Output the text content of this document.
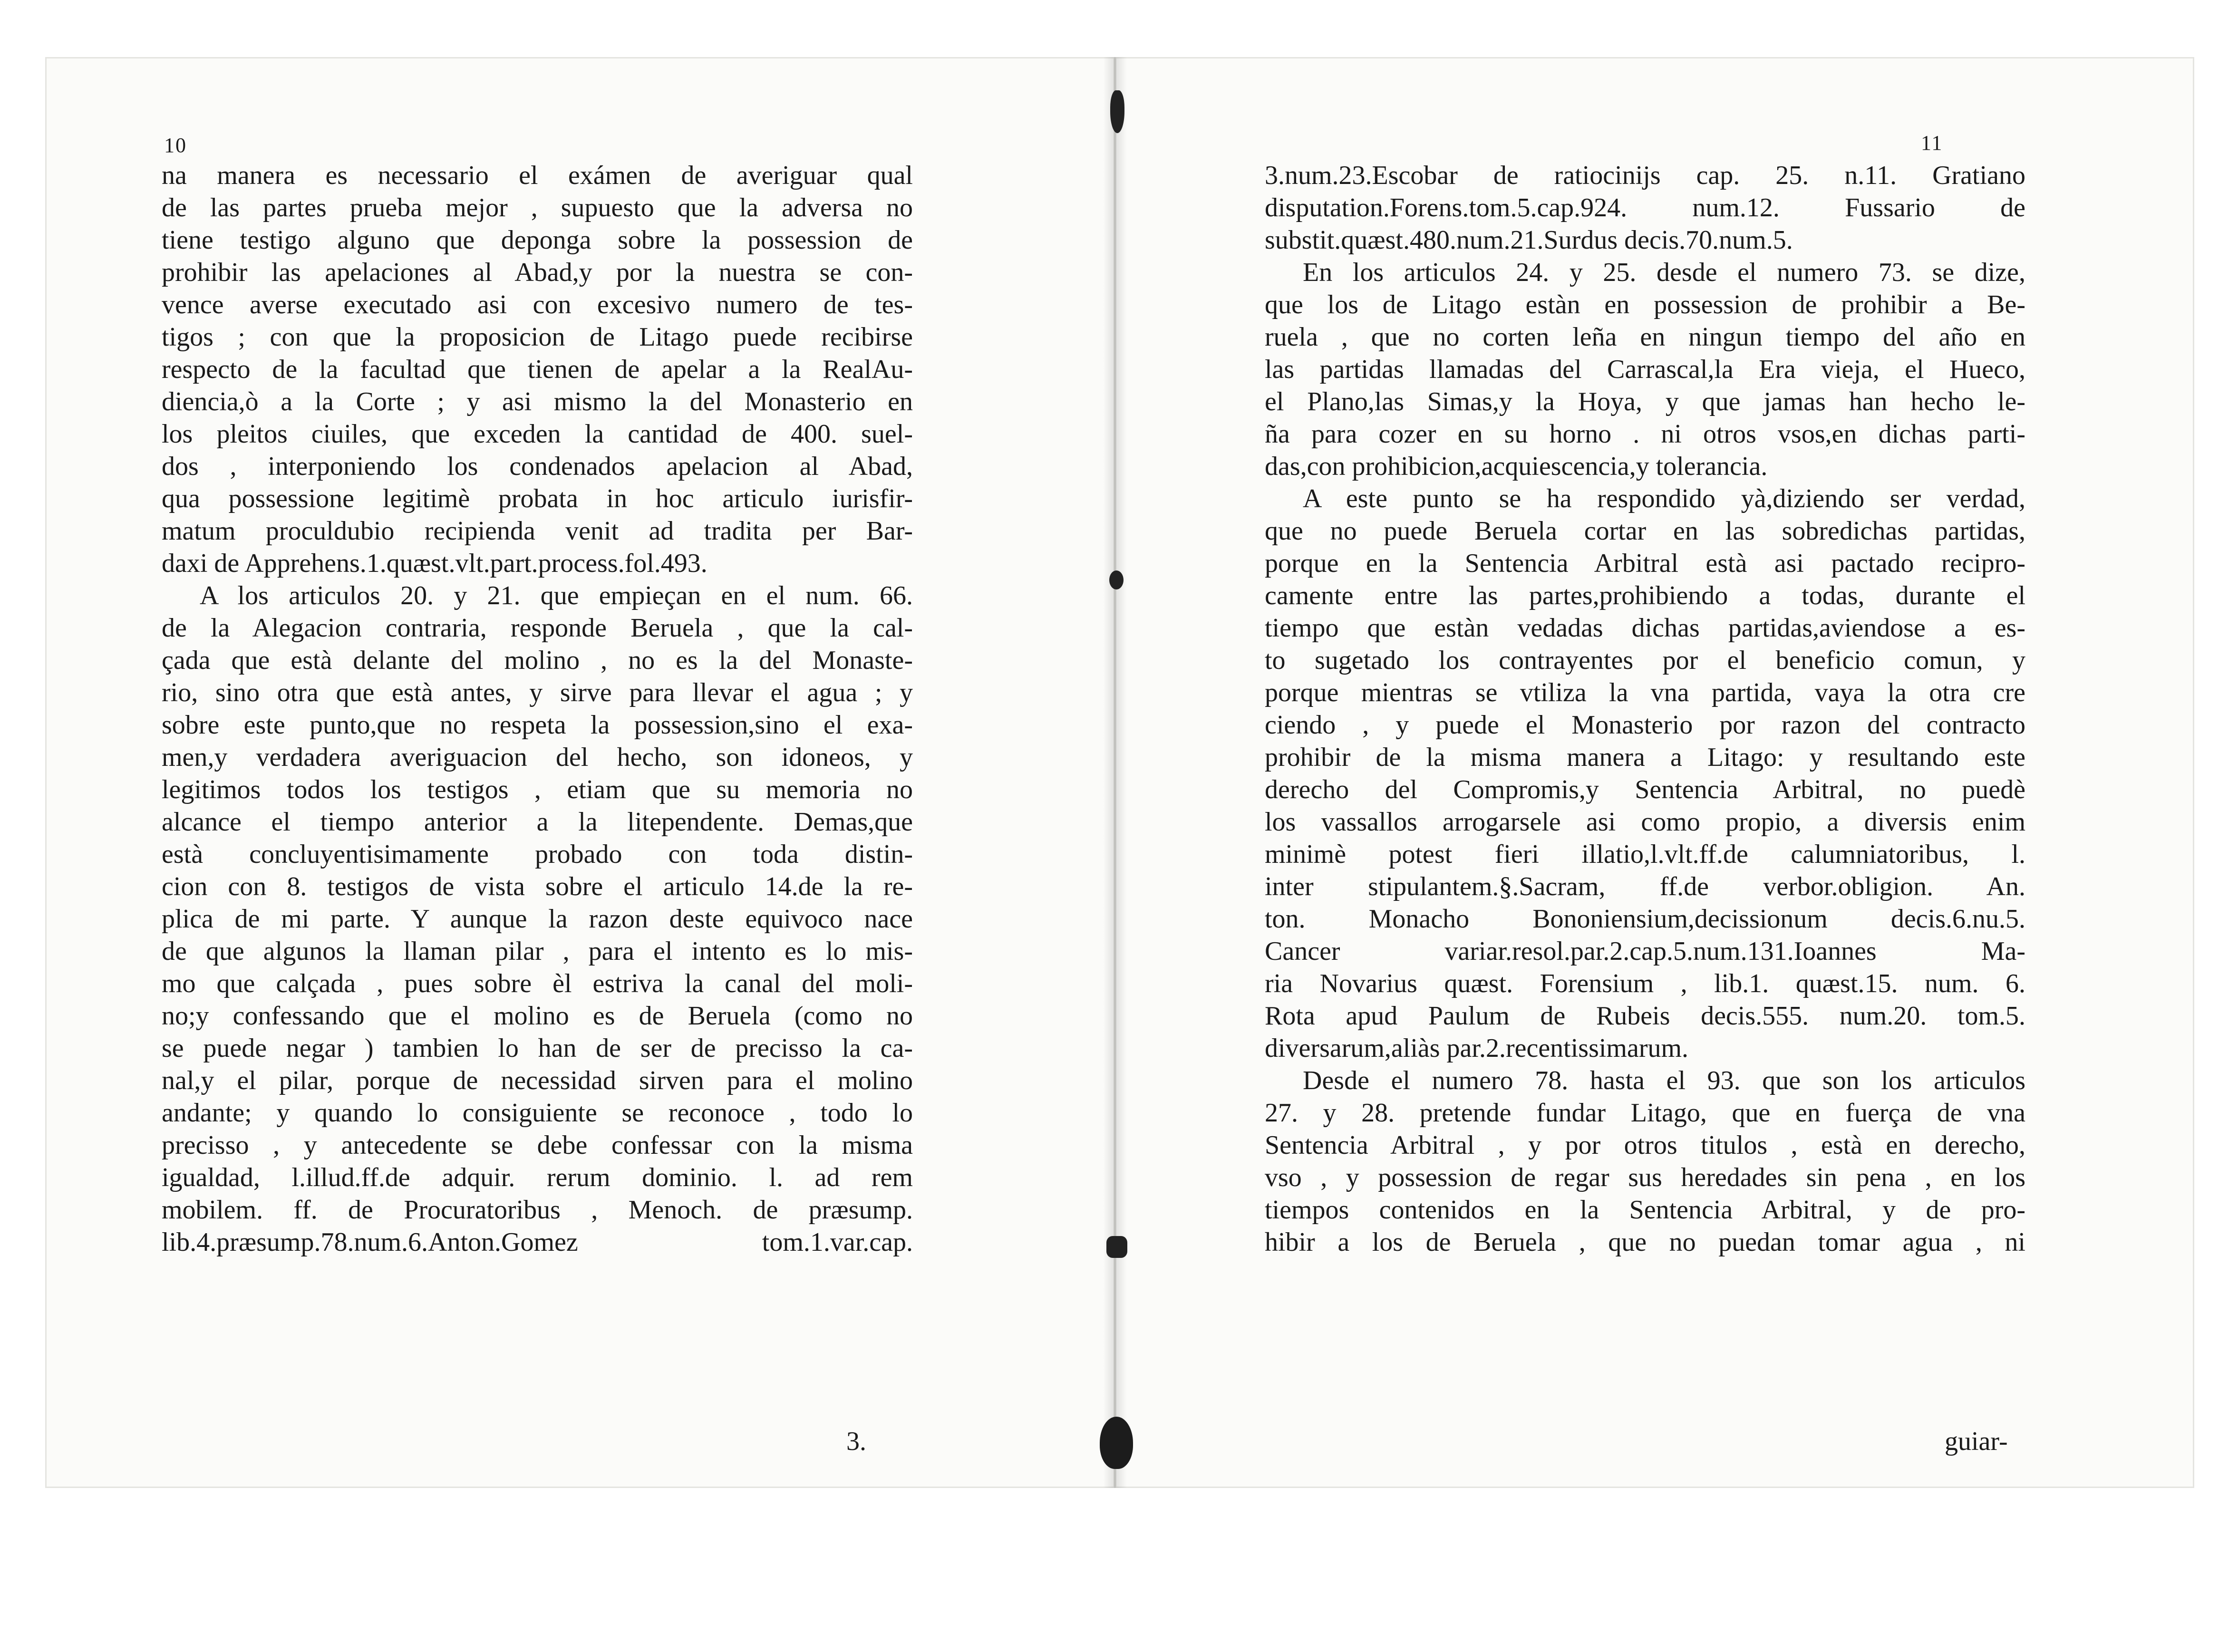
10	11
na manera es necessario el exámen de averiguar qual
de las partes prueba mejor , supuesto que la adversa no
tiene testigo alguno que deponga sobre la possession de
prohibir las apelaciones al Abad,y por la nuestra se con-
vence averse executado asi con excesivo numero de tes-
tigos ; con que la proposicion de Litago puede recibirse
respecto de la facultad que tienen de apelar a la RealAu-
diencia,ò a la Corte ; y asi mismo la del Monasterio en
los pleitos ciuiles, que exceden la cantidad de 400. suel-
dos , interponiendo los condenados apelacion al Abad,
qua possessione legitimè probata in hoc articulo iurisfir-
matum proculdubio recipienda venit ad tradita per Bar-
daxi de Apprehens.1.quæst.vlt.part.process.fol.493.
A los articulos 20. y 21. que empieçan en el num. 66.
de la Alegacion contraria, responde Beruela , que la cal-
çada que està delante del molino , no es la del Monaste-
rio, sino otra que està antes, y sirve para llevar el agua ; y
sobre este punto,que no respeta la possession,sino el exa-
men,y verdadera averiguacion del hecho, son idoneos, y
legitimos todos los testigos , etiam que su memoria no
alcance el tiempo anterior a la litependente. Demas,que
està concluyentisimamente probado con toda distin-
cion con 8. testigos de vista sobre el articulo 14.de la re-
plica de mi parte. Y aunque la razon deste equivoco nace
de que algunos la llaman pilar , para el intento es lo mis-
mo que calçada , pues sobre èl estriva la canal del moli-
no;y confessando que el molino es de Beruela (como no
se puede negar ) tambien lo han de ser de precisso la ca-
nal,y el pilar, porque de necessidad sirven para el molino
andante; y quando lo consiguiente se reconoce , todo lo
precisso , y antecedente se debe confessar con la misma
igualdad, l.illud.ff.de adquir. rerum dominio. l. ad rem
mobilem. ff. de Procuratoribus , Menoch. de præsump.
lib.4.præsump.78.num.6.Anton.Gomez tom.1.var.cap.
3.num.23.Escobar de ratiocinijs cap. 25. n.11. Gratiano
disputation.Forens.tom.5.cap.924. num.12. Fussario de
substit.quæst.480.num.21.Surdus decis.70.num.5.
En los articulos 24. y 25. desde el numero 73. se dize,
que los de Litago estàn en possession de prohibir a Be-
ruela , que no corten leña en ningun tiempo del año en
las partidas llamadas del Carrascal,la Era vieja, el Hueco,
el Plano,las Simas,y la Hoya, y que jamas han hecho le-
ña para cozer en su horno . ni otros vsos,en dichas parti-
das,con prohibicion,acquiescencia,y tolerancia.
A este punto se ha respondido yà,diziendo ser verdad,
que no puede Beruela cortar en las sobredichas partidas,
porque en la Sentencia Arbitral està asi pactado recipro-
camente entre las partes,prohibiendo a todas, durante el
tiempo que estàn vedadas dichas partidas,aviendose a es-
to sugetado los contrayentes por el beneficio comun, y
porque mientras se vtiliza la vna partida, vaya la otra cre
ciendo , y puede el Monasterio por razon del contracto
prohibir de la misma manera a Litago: y resultando este
derecho del Compromis,y Sentencia Arbitral, no puedè
los vassallos arrogarsele asi como propio, a diversis enim
minimè potest fieri illatio,l.vlt.ff.de calumniatoribus, l.
inter stipulantem.§.Sacram, ff.de verbor.obligion. An.
ton. Monacho Bononiensium,decissionum decis.6.nu.5.
Cancer variar.resol.par.2.cap.5.num.131.Ioannes Ma-
ria Novarius quæst. Forensium , lib.1. quæst.15. num. 6.
Rota apud Paulum de Rubeis decis.555. num.20. tom.5.
diversarum,aliàs par.2.recentissimarum.
Desde el numero 78. hasta el 93. que son los articulos
27. y 28. pretende fundar Litago, que en fuerça de vna
Sentencia Arbitral , y por otros titulos , està en derecho,
vso , y possession de regar sus heredades sin pena , en los
tiempos contenidos en la Sentencia Arbitral, y de pro-
hibir a los de Beruela , que no puedan tomar agua , ni
3.	guiar-
